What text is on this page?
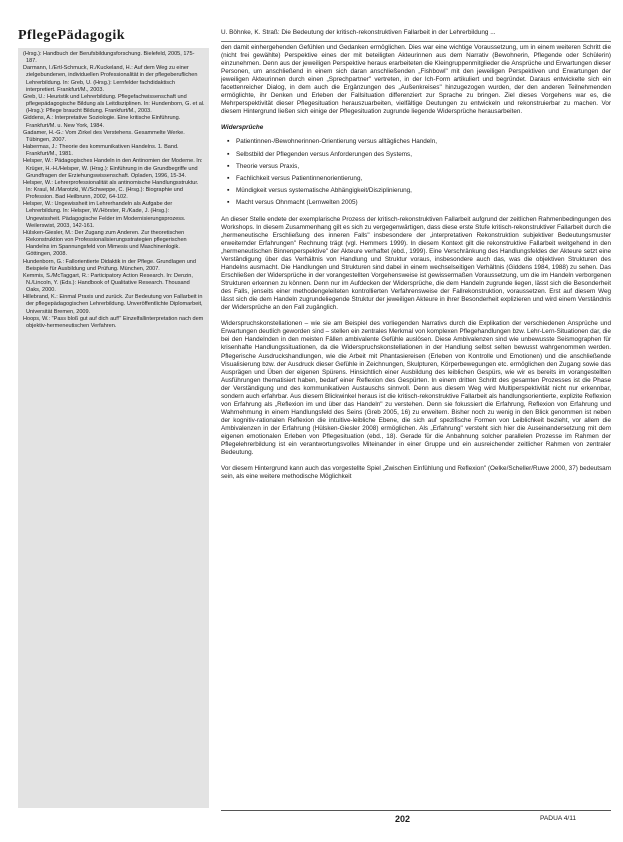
PflegePädagogik	U. Böhnke, K. Straß: Die Bedeutung der kritisch-rekonstruktiven Fallarbeit in der Lehrerbildung ...

(Hrsg.): Handbuch der Berufsbildungsforschung. Bielefeld, 2005, 175-187.

Darmann, I./Ertl-Schmuck, R./Kuckeland, H.: Auf dem Weg zu einer zielgebundenen, individuellen Professionalität in der pflegeberuflichen Lehrerbildung. In: Greb, U. (Hrsg.): Lernfelder fachdidaktisch interpretiert. Frankfurt/M., 2003.

Greb, U.: Heuristik und Lehrerbildung. Pflegefachwissenschaft und pflegepädagogische Bildung als Leitdisziplinen. In: Hundenborn, G. et al. (Hrsg.): Pflege braucht Bildung. Frankfurt/M., 2003.

Giddens, A.: Interpretative Soziologie. Eine kritische Einführung. Frankfurt/M. u. New York, 1984.

Gadamer, H.-G.: Vom Zirkel des Verstehens. Gesammelte Werke. Tübingen, 2007.

Habermas, J.: Theorie des kommunikativen Handelns. 1. Band. Frankfurt/M., 1981.

Helsper, W.: Pädagogisches Handeln in den Antinomien der Moderne. In: Krüger, H.-H./Helsper, W. (Hrsg.): Einführung in die Grundbegriffe und Grundfragen der Erziehungswissenschaft. Opladen, 1996, 15-34.

Helsper, W.: Lehrerprofessionalität als antinomische Handlungsstruktur. In: Kraul, M./Marotzki, W./Schweppe, C. (Hrsg.): Biographie und Profession. Bad Heilbrunn, 2002, 64-102.

Helsper, W.: Ungewissheit im Lehrerhandeln als Aufgabe der Lehrerbildung. In: Helsper, W./Hörster, R./Kade, J. (Hrsg.): Ungewissheit. Pädagogische Felder im Modernisierungsprozess. Weilerswist, 2003, 142-161.

Hülsken-Giesler, M.: Der Zugang zum Anderen. Zur theoretischen Rekonstruktion von Professionalisierungsstrategien pflegerischen Handelns im Spannungsfeld von Mimesis und Maschinenlogik. Göttingen, 2008.

Hundenborn, G.: Fallorientierte Didaktik in der Pflege. Grundlagen und Beispiele für Ausbildung und Prüfung. München, 2007.

Kemmis, S./McTaggart, R.: Participatory Action Research. In: Denzin, N./Lincoln, Y. (Eds.): Handbook of Qualitative Research. Thousand Oaks, 2000.

Hillebrand, K.: Einmal Praxis und zurück. Zur Bedeutung von Fallarbeit in der pflegepädagogischen Lehrerbildung. Unveröffentlichte Diplomarbeit, Universität Bremen, 2009.

Hoops, W.: "Pass bloß gut auf dich auf!" Einzelfallinterpretation nach dem objektiv-hermeneutischen Verfahren.

den damit einhergehenden Gefühlen und Gedanken ermöglichen. Dies war eine wichtige Voraussetzung, um in einem weiteren Schritt die (nicht frei gewählte) Perspektive eines der mit beteiligten Akteurinnen aus dem Narrativ (Bewohnerin, Pflegende oder Schülerin) einzunehmen. Denn aus der jeweiligen Perspektive heraus erarbeiteten die Kleingruppenmitglieder die Ansprüche und Erwartungen dieser Personen, um anschließend in einem sich daran anschließenden „Fishbowl" mit den jeweiligen Perspektiven und Erwartungen der jeweiligen Akteurinnen durch einen „Sprechpartner" vertreten, in der Ich-Form artikuliert und begründet. Daraus entwickelte sich ein facettenreicher Dialog, in dem auch die Ergänzungen des „Außenkreises" hinzugezogen wurden, der den anderen Teilnehmenden ermöglichte, ihr Denken und Erleben der Fallsituation differenziert zur Sprache zu bringen. Ziel dieses Vorgehens war es, die Mehrperspektivität dieser Pflegesituation herauszuarbeiten, vielfältige Deutungen zu entwickeln und rekonstruierbar zu machen. Vor diesem Hintergrund ließen sich einige der Pflegesituation zugrunde liegende Widersprüche herausarbeiten.

Widersprüche
▪ Patientinnen-/Bewohnerinnen-Orientierung versus alltägliches Handeln,
▪ Selbstbild der Pflegenden versus Anforderungen des Systems,
▪ Theorie versus Praxis,
▪ Fachlichkeit versus Patientinnenorientierung,
▪ Mündigkeit versus systematische Abhängigkeit/Disziplinierung,
▪ Macht versus Ohnmacht (Lernwelten 2005)

An dieser Stelle endete der exemplarische Prozess der kritisch-rekonstruktiven Fallarbeit aufgrund der zeitlichen Rahmenbedingungen des Workshops. In diesem Zusammenhang gilt es sich zu vergegenwärtigen, dass diese erste Stufe kritisch-rekonstruktiver Fallarbeit durch die „hermeneutische Erschließung des inneren Falls" insbesondere der „interpretativen Rekonstruktion subjektiver Bedeutungsmuster erweiternder Erfahrungen" Rechnung trägt (vgl. Hemmers 1999). In diesem Kontext gilt die rekonstruktive Fallarbeit weitgehend in den „hermeneutischen Binnenperspektive" der Akteure verhaftet (ebd., 1999). Eine Verschränkung des Handlungsfeldes der Akteure setzt eine Verständigung über das Verhältnis von Handlung und Struktur voraus, insbesondere auch das, was die objektiven Strukturen des Handelns ausmacht. Die Handlungen und Strukturen sind dabei in einem wechselseitigen Verhältnis (Giddens 1984, 1988) zu sehen. Das Erschließen der Widersprüche in der vorangestellten Vorgehensweise ist gewissermaßen Voraussetzung, um die im Handeln verborgenen Strukturen erkennen zu können. Denn nur im Aufdecken der Widersprüche, die dem Handeln zugrunde liegen, lässt sich die Besonderheit des Falls, jenseits einer methodengeleiteten kontrollierten Verfahrensweise der Fallrekonstruktion, voraussetzen. Erst auf diesem Weg lässt sich die dem Handeln zugrundeliegende Struktur der jeweiligen Akteure in ihrer Besonderheit explizieren und wird einem Verständnis der Widersprüche an den Fall zugänglich.

Widerspruchskonstellationen – wie sie am Beispiel des vorliegenden Narrativs durch die Explikation der verschiedenen Ansprüche und Erwartungen deutlich geworden sind – stellen ein zentrales Merkmal von komplexen Pflegehandlungen bzw. Lehr-Lern-Situationen dar, die bei den Handelnden in den meisten Fällen ambivalente Gefühle auslösen. Diese Ambivalenzen sind wie unbewusste Seismographen für krisenhafte Handlungssituationen, da die Widerspruchskonstellationen in der Handlung selbst selten bewusst wahrgenommen werden. Pflegerische Ausdruckshandlungen, wie die Arbeit mit Phantasiereisen (Erleben von Kontrolle und Emotionen) und die anschließende Visualisierung bzw. der Ausdruck dieser Gefühle in Zeichnungen, Skulpturen, Körperbewegungen etc. ermöglichen den Zugang sowie das Ausprägen und Üben der eigenen Spürens. Hinsichtlich einer Ausbildung des leiblichen Gespürs, wie wir es bereits im vorangestellten Ausführungen thematisiert haben, bedarf einer Reflexion des Gespürten. In einem dritten Schritt des gesamten Prozesses ist die Phase der Verständigung und des kommunikativen Austauschs sinnvoll. Denn aus diesem Weg wird Multiperspektivität nicht nur erkennbar, sondern auch erfahrbar. Aus diesem Blickwinkel heraus ist die kritisch-rekonstruktive Fallarbeit als handlungsorientierte, explizite Reflexion von Erfahrung als „Reflexion im und über das Handeln" zu verstehen. Denn sie fokussiert die Erfahrung, Reflexion von Erfahrung und Wahrnehmung in einem Handlungsfeld des Seins (Greb 2005, 16) zu erweitern. Bisher noch zu wenig in den Blick genommen ist neben der kognitiv-rationalen Reflexion die intuitive-leibliche Ebene, die sich auf spezifische Formen von Leiblichkeit bezieht, vor allem die Ambivalenzen in der Erfahrung (Hülsken-Giesler 2008) ermöglichen. Als „Erfahrung" versteht sich hier die Auseinandersetzung mit dem eigenen emotionalen Erleben von Pflegesituation (ebd., 18). Gerade für die Anbahnung solcher parallelen Prozesse im Rahmen der Pflegelehrerbildung ist ein verantwortungsvolles Miteinander in einer Gruppe und ein ausreichender zeitlicher Rahmen von zentraler Bedeutung.

Vor diesem Hintergrund kann auch das vorgestellte Spiel „Zwischen Einfühlung und Reflexion" (Oelke/Scheller/Ruwe 2000, 37) bedeutsam sein, als eine weitere methodische Möglichkeit

202	PADUA 4/11
